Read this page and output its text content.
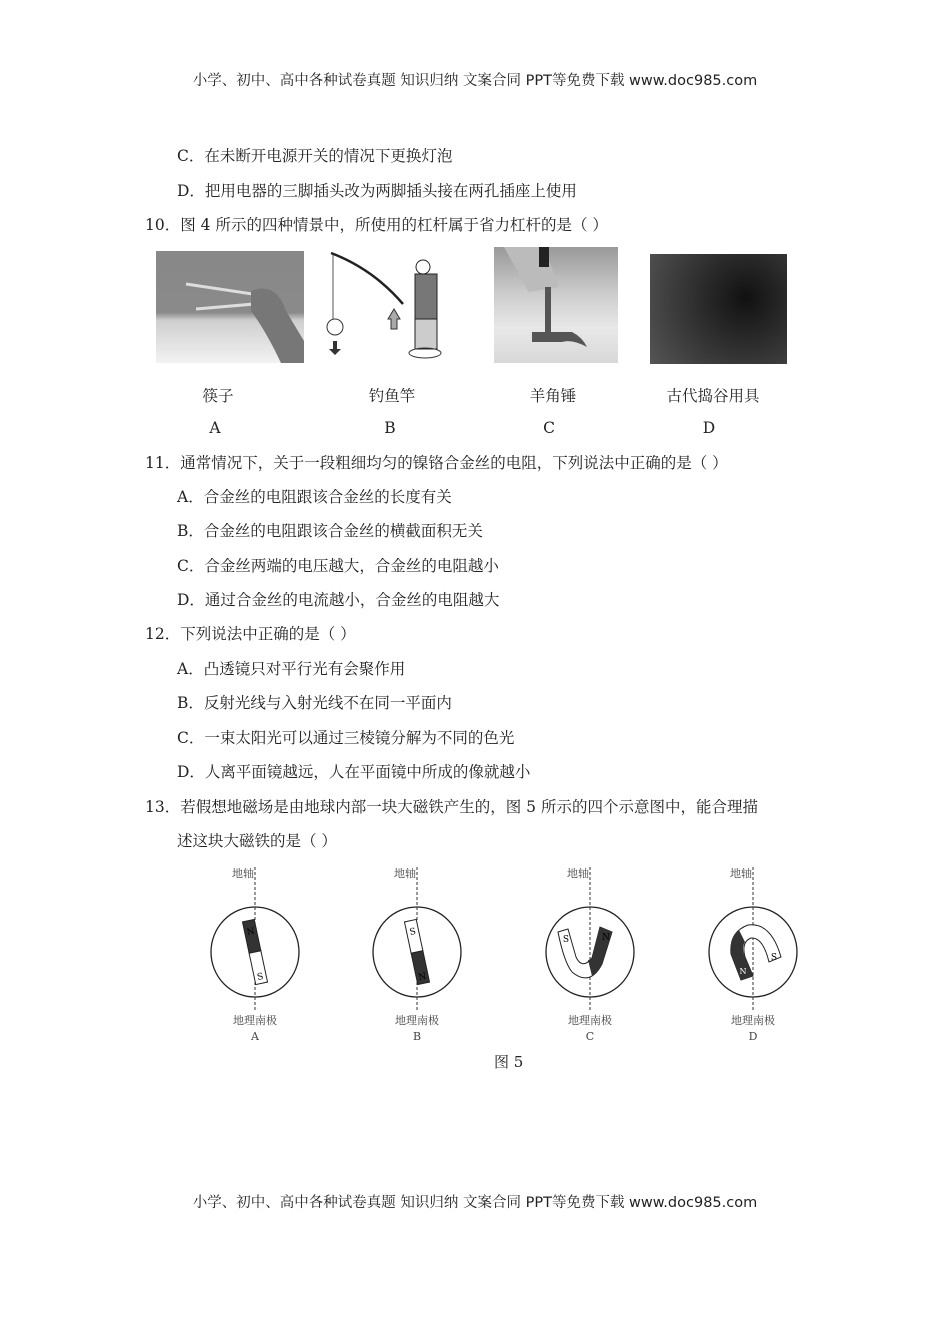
小学、初中、高中各种试卷真题 知识归纳 文案合同 PPT等免费下载 www.doc985.com
C．在未断开电源开关的情况下更换灯泡
D．把用电器的三脚插头改为两脚插头接在两孔插座上使用
10．图 4 所示的四种情景中，所使用的杠杆属于省力杠杆的是（ ）
筷子	钓鱼竿	羊角锤	古代捣谷用具
A	B	C	D
11．通常情况下，关于一段粗细均匀的镍铬合金丝的电阻，下列说法中正确的是（ ）
A．合金丝的电阻跟该合金丝的长度有关
B．合金丝的电阻跟该合金丝的横截面积无关
C．合金丝两端的电压越大，合金丝的电阻越小
D．通过合金丝的电流越小，合金丝的电阻越大
12．下列说法中正确的是（ ）
A．凸透镜只对平行光有会聚作用
B．反射光线与入射光线不在同一平面内
C．一束太阳光可以通过三棱镜分解为不同的色光
D．人离平面镜越远，人在平面镜中所成的像就越小
13．若假想地磁场是由地球内部一块大磁铁产生的，图 5 所示的四个示意图中，能合理描
述这块大磁铁的是（ ）
地轴
N
S
地理南极
A
地轴
S
N
地理南极
B
地轴
S	N
地理南极
C
地轴
S
N
地理南极
D
图 5
小学、初中、高中各种试卷真题 知识归纳 文案合同 PPT等免费下载 www.doc985.com
